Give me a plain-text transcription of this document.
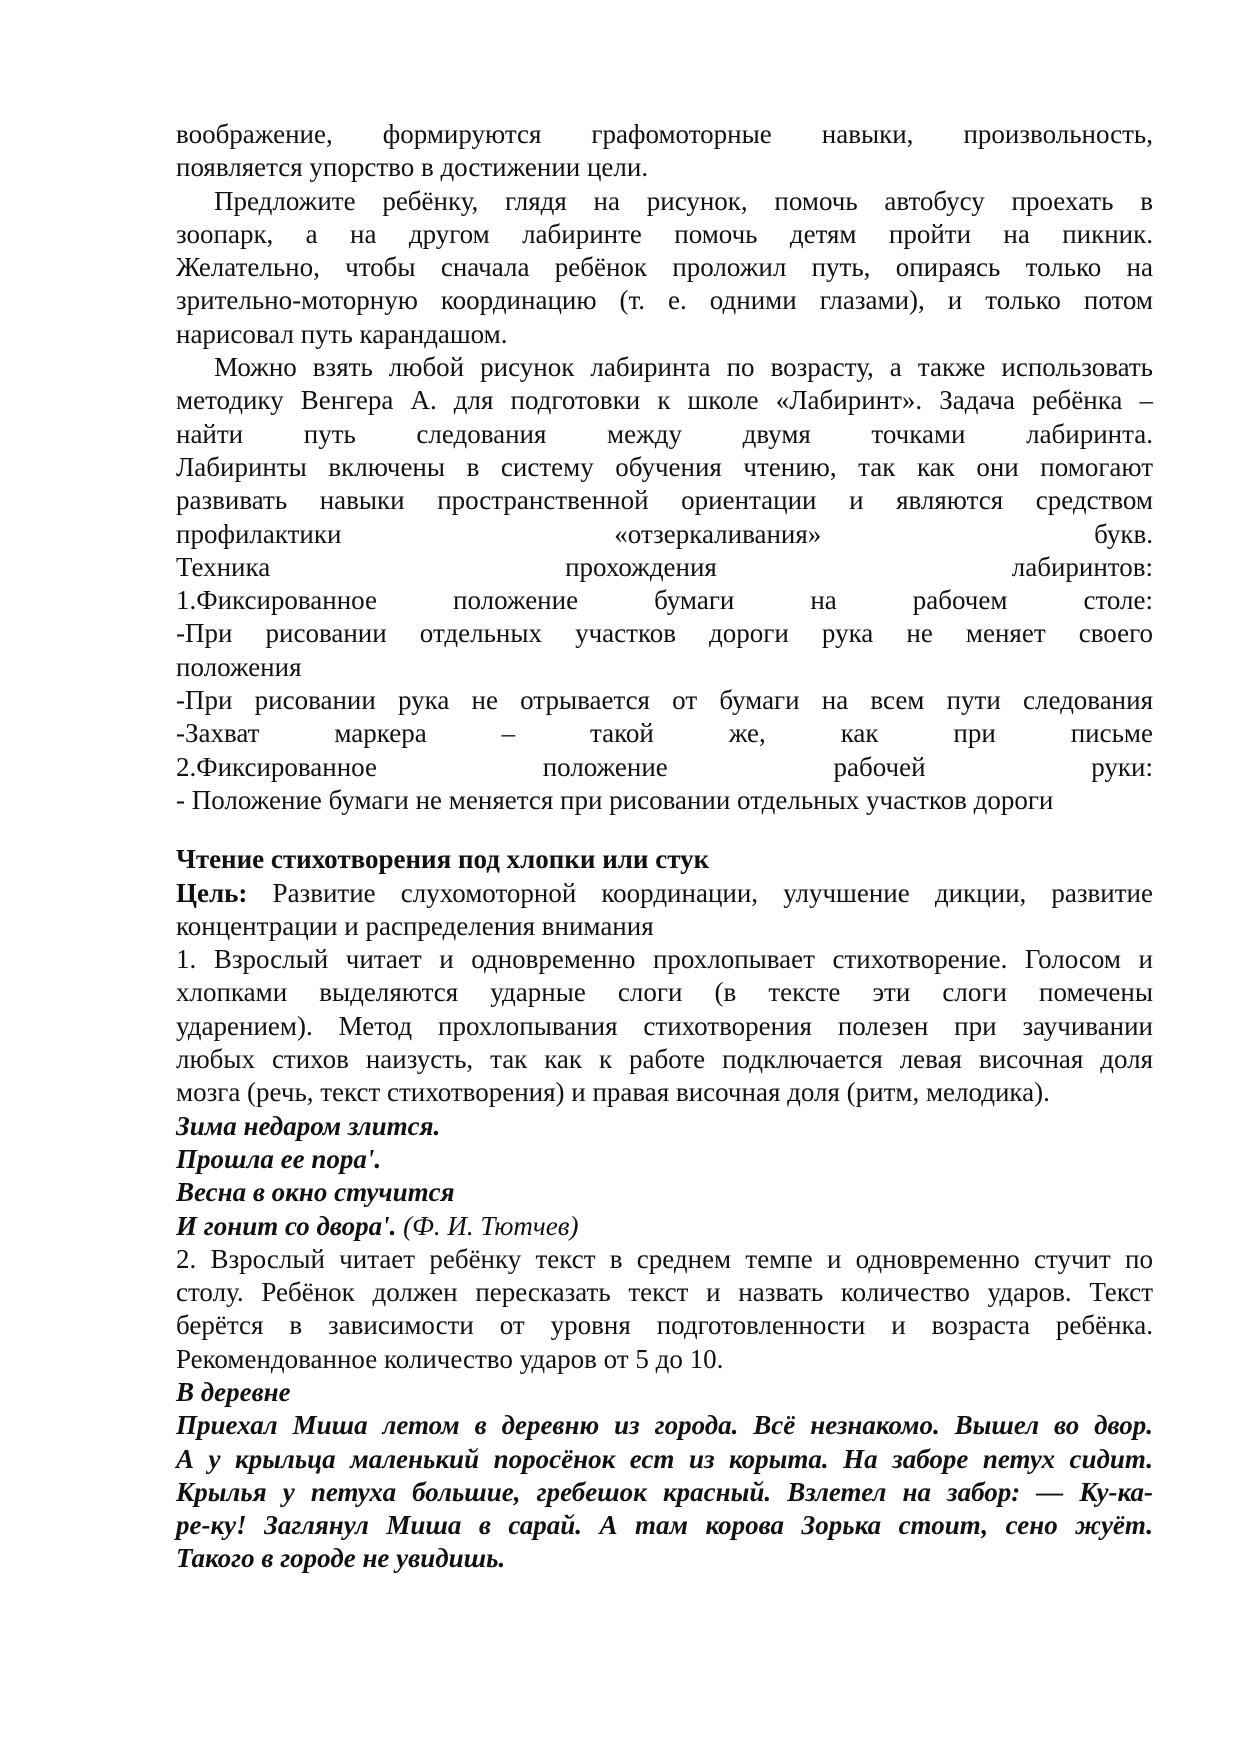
воображение, формируются графомоторные навыки, произвольность,

появляется упорство в достижении цели.

Предложите ребёнку, глядя на рисунок, помочь автобусу проехать в

зоопарк, а на другом лабиринте помочь детям пройти на пикник.

Желательно, чтобы сначала ребёнок проложил путь, опираясь только на

зрительно-моторную координацию (т. е. одними глазами), и только потом

нарисовал путь карандашом.

Можно взять любой рисунок лабиринта по возрасту, а также использовать

методику Венгера А. для подготовки к школе «Лабиринт». Задача ребёнка –

найти путь следования между двумя точками лабиринта.

Лабиринты включены в систему обучения чтению, так как они помогают

развивать навыки пространственной ориентации и являются средством

профилактики «отзеркаливания» букв.

Техника прохождения лабиринтов:

1.Фиксированное положение бумаги на рабочем столе:

-При рисовании отдельных участков дороги рука не меняет своего

положения

-При рисовании рука не отрывается от бумаги на всем пути следования

-Захват маркера – такой же, как при письме

2.Фиксированное положение рабочей руки:

- Положение бумаги не меняется при рисовании отдельных участков дороги

Чтение стихотворения под хлопки или стук

Цель: Развитие слухомоторной координации, улучшение дикции, развитие

концентрации и распределения внимания

1. Взрослый читает и одновременно прохлопывает стихотворение. Голосом и

хлопками выделяются ударные слоги (в тексте эти слоги помечены

ударением). Метод прохлопывания стихотворения полезен при заучивании

любых стихов наизусть, так как к работе подключается левая височная доля

мозга (речь, текст стихотворения) и правая височная доля (ритм, мелодика).

Зима недаром злится.

Прошла ее пора'.

Весна в окно стучится

И гонит со двора'. (Ф. И. Тютчев)

2. Взрослый читает ребёнку текст в среднем темпе и одновременно стучит по

столу. Ребёнок должен пересказать текст и назвать количество ударов. Текст

берётся в зависимости от уровня подготовленности и возраста ребёнка.

Рекомендованное количество ударов от 5 до 10.

В деревне

Приехал Миша летом в деревню из города. Всё незнакомо. Вышел во двор.

А у крыльца маленький поросёнок ест из корыта. На заборе петух сидит.

Крылья у петуха большие, гребешок красный. Взлетел на забор: — Ку-ка-

ре-ку! Заглянул Миша в сарай. А там корова Зорька стоит, сено жуёт.

Такого в городе не увидишь.
